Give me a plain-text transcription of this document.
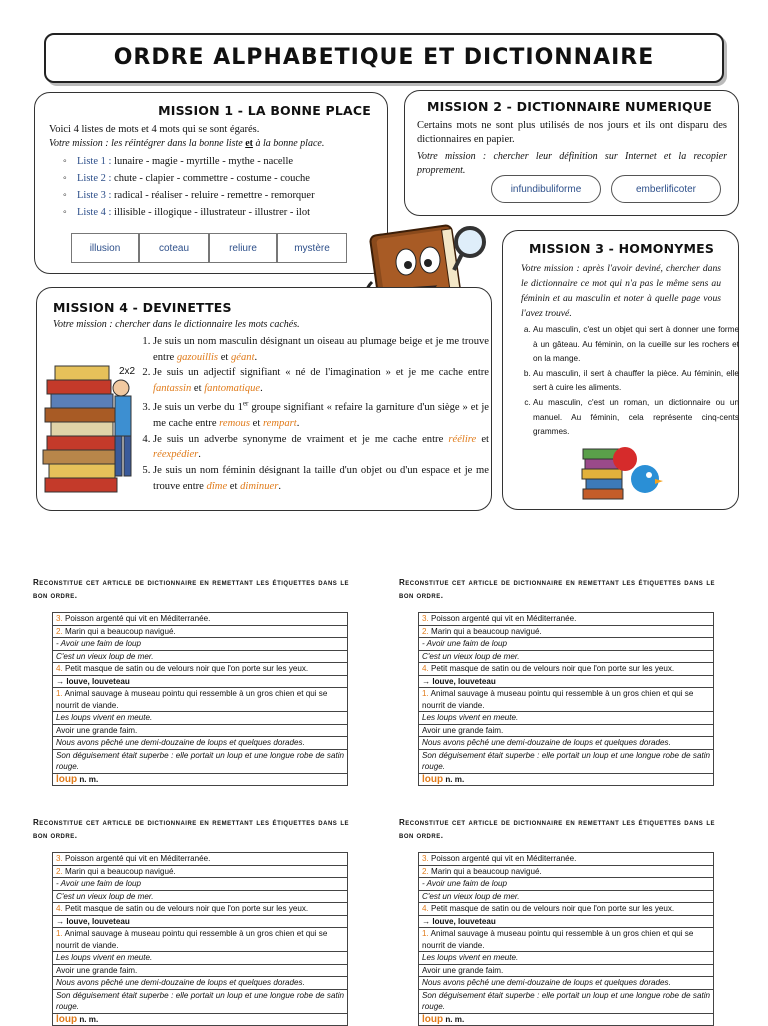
ORDRE ALPHABETIQUE ET DICTIONNAIRE
MISSION 1 - LA BONNE PLACE
Voici 4 listes de mots et 4 mots qui se sont égarés.
Votre mission : les réintégrer dans la bonne liste et à la bonne place.
◦ Liste 1 : lunaire - magie - myrtille - mythe - nacelle
◦ Liste 2 : chute - clapier - commettre - costume - couche
◦ Liste 3 : radical - réaliser - reluire - remettre - remorquer
◦ Liste 4 : illisible - illogique - illustrateur - illustrer - ilot
illusion	coteau	reliure	mystère
MISSION 2 - DICTIONNAIRE NUMERIQUE
Certains mots ne sont plus utilisés de nos jours et ils ont disparu des dictionnaires en papier.
Votre mission : chercher leur définition sur Internet et la recopier proprement.
infundibuliforme	emberlificoter
MISSION 3 - HOMONYMES
Votre mission : après l'avoir deviné, chercher dans le dictionnaire ce mot qui n'a pas le même sens au féminin et au masculin et noter à quelle page vous l'avez trouvé.
a. Au masculin, c'est un objet qui sert à donner une forme à un gâteau. Au féminin, on la cueille sur les rochers et on la mange.
b. Au masculin, il sert à chauffer la pièce. Au féminin, elle sert à cuire les aliments.
c. Au masculin, c'est un roman, un dictionnaire ou un manuel. Au féminin, cela représente cinq-cents grammes.
MISSION 4 - DEVINETTES
Votre mission : chercher dans le dictionnaire les mots cachés.
2x2
1. Je suis un nom masculin désignant un oiseau au plumage beige et je me trouve entre gazouillis et géant.
2. Je suis un adjectif signifiant « né de l'imagination » et je me cache entre fantassin et fantomatique.
3. Je suis un verbe du 1er groupe signifiant « refaire la garniture d'un siège » et je me cache entre remous et rempart.
4. Je suis un adverbe synonyme de vraiment et je me cache entre réélire et réexpédier.
5. Je suis un nom féminin désignant la taille d'un objet ou d'un espace et je me trouve entre dîme et diminuer.
Reconstitue cet article de dictionnaire en remettant les étiquettes dans le bon ordre.
3. Poisson argenté qui vit en Méditerranée.
2. Marin qui a beaucoup navigué.
- Avoir une faim de loup
C'est un vieux loup de mer.
4. Petit masque de satin ou de velours noir que l'on porte sur les yeux.
→ louve, louveteau
1. Animal sauvage à museau pointu qui ressemble à un gros chien et qui se nourrit de viande.
Les loups vivent en meute.
Avoir une grande faim.
Nous avons pêché une demi-douzaine de loups et quelques dorades.
Son déguisement était superbe : elle portait un loup et une longue robe de satin rouge.
loup n. m.
Reconstitue cet article de dictionnaire en remettant les étiquettes dans le bon ordre.
3. Poisson argenté qui vit en Méditerranée.
2. Marin qui a beaucoup navigué.
- Avoir une faim de loup
C'est un vieux loup de mer.
4. Petit masque de satin ou de velours noir que l'on porte sur les yeux.
→ louve, louveteau
1. Animal sauvage à museau pointu qui ressemble à un gros chien et qui se nourrit de viande.
Les loups vivent en meute.
Avoir une grande faim.
Nous avons pêché une demi-douzaine de loups et quelques dorades.
Son déguisement était superbe : elle portait un loup et une longue robe de satin rouge.
loup n. m.
Reconstitue cet article de dictionnaire en remettant les étiquettes dans le bon ordre.
3. Poisson argenté qui vit en Méditerranée.
2. Marin qui a beaucoup navigué.
- Avoir une faim de loup
C'est un vieux loup de mer.
4. Petit masque de satin ou de velours noir que l'on porte sur les yeux.
→ louve, louveteau
1. Animal sauvage à museau pointu qui ressemble à un gros chien et qui se nourrit de viande.
Les loups vivent en meute.
Avoir une grande faim.
Nous avons pêché une demi-douzaine de loups et quelques dorades.
Son déguisement était superbe : elle portait un loup et une longue robe de satin rouge.
loup n. m.
Reconstitue cet article de dictionnaire en remettant les étiquettes dans le bon ordre.
3. Poisson argenté qui vit en Méditerranée.
2. Marin qui a beaucoup navigué.
- Avoir une faim de loup
C'est un vieux loup de mer.
4. Petit masque de satin ou de velours noir que l'on porte sur les yeux.
→ louve, louveteau
1. Animal sauvage à museau pointu qui ressemble à un gros chien et qui se nourrit de viande.
Les loups vivent en meute.
Avoir une grande faim.
Nous avons pêché une demi-douzaine de loups et quelques dorades.
Son déguisement était superbe : elle portait un loup et une longue robe de satin rouge.
loup n. m.
